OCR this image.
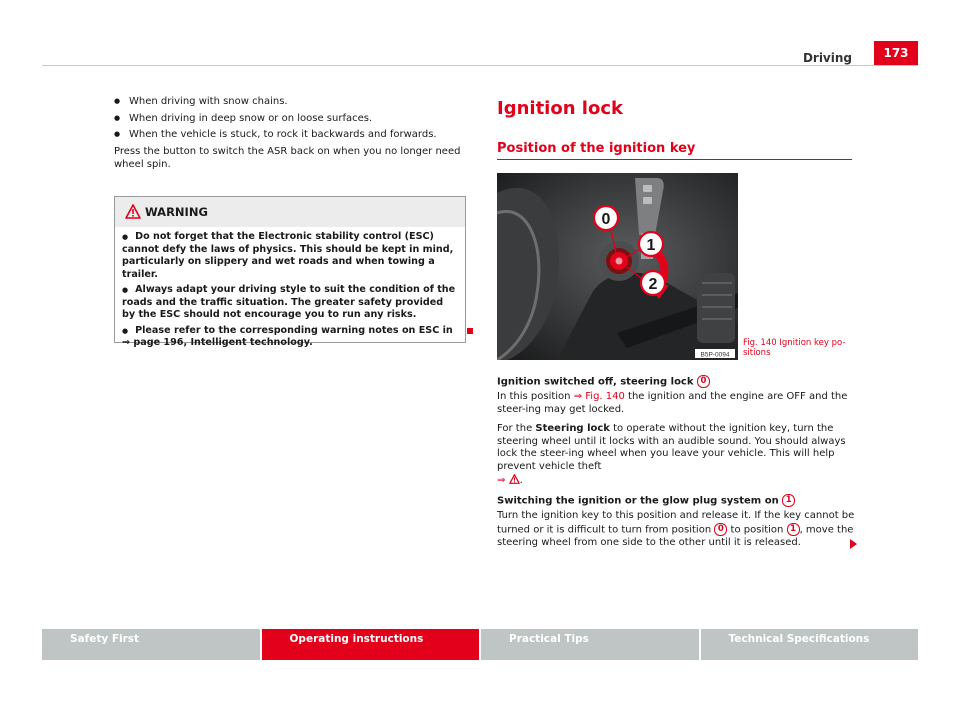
Driving	173
● When driving with snow chains.
● When driving in deep snow or on loose surfaces.
● When the vehicle is stuck, to rock it backwards and forwards.

Press the button to switch the ASR back on when you no longer need wheel spin.

WARNING
● Do not forget that the Electronic stability control (ESC) cannot defy the laws of physics. This should be kept in mind, particularly on slippery and wet roads and when towing a trailer.
● Always adapt your driving style to suit the condition of the roads and the traffic situation. The greater safety provided by the ESC should not encourage you to run any risks.
● Please refer to the corresponding warning notes on ESC in
⇒ page 196, Intelligent technology.
Ignition lock
Position of the ignition key
0
1
2
B5P-0094
Fig. 140 Ignition key po-sitions

Ignition switched off, steering lock 0

In this position ⇒ Fig. 140 the ignition and the engine are OFF and the steer-ing may get locked.

For the Steering lock to operate without the ignition key, turn the steering wheel until it locks with an audible sound. You should always lock the steer-ing wheel when you leave your vehicle. This will help prevent vehicle theft
⇒ .

Switching the ignition or the glow plug system on 1

Turn the ignition key to this position and release it. If the key cannot be turned or it is difficult to turn from position 0 to position 1 , move the steering wheel from one side to the other until it is released.

Safety First	Operating instructions	Practical Tips	Technical Specifications
